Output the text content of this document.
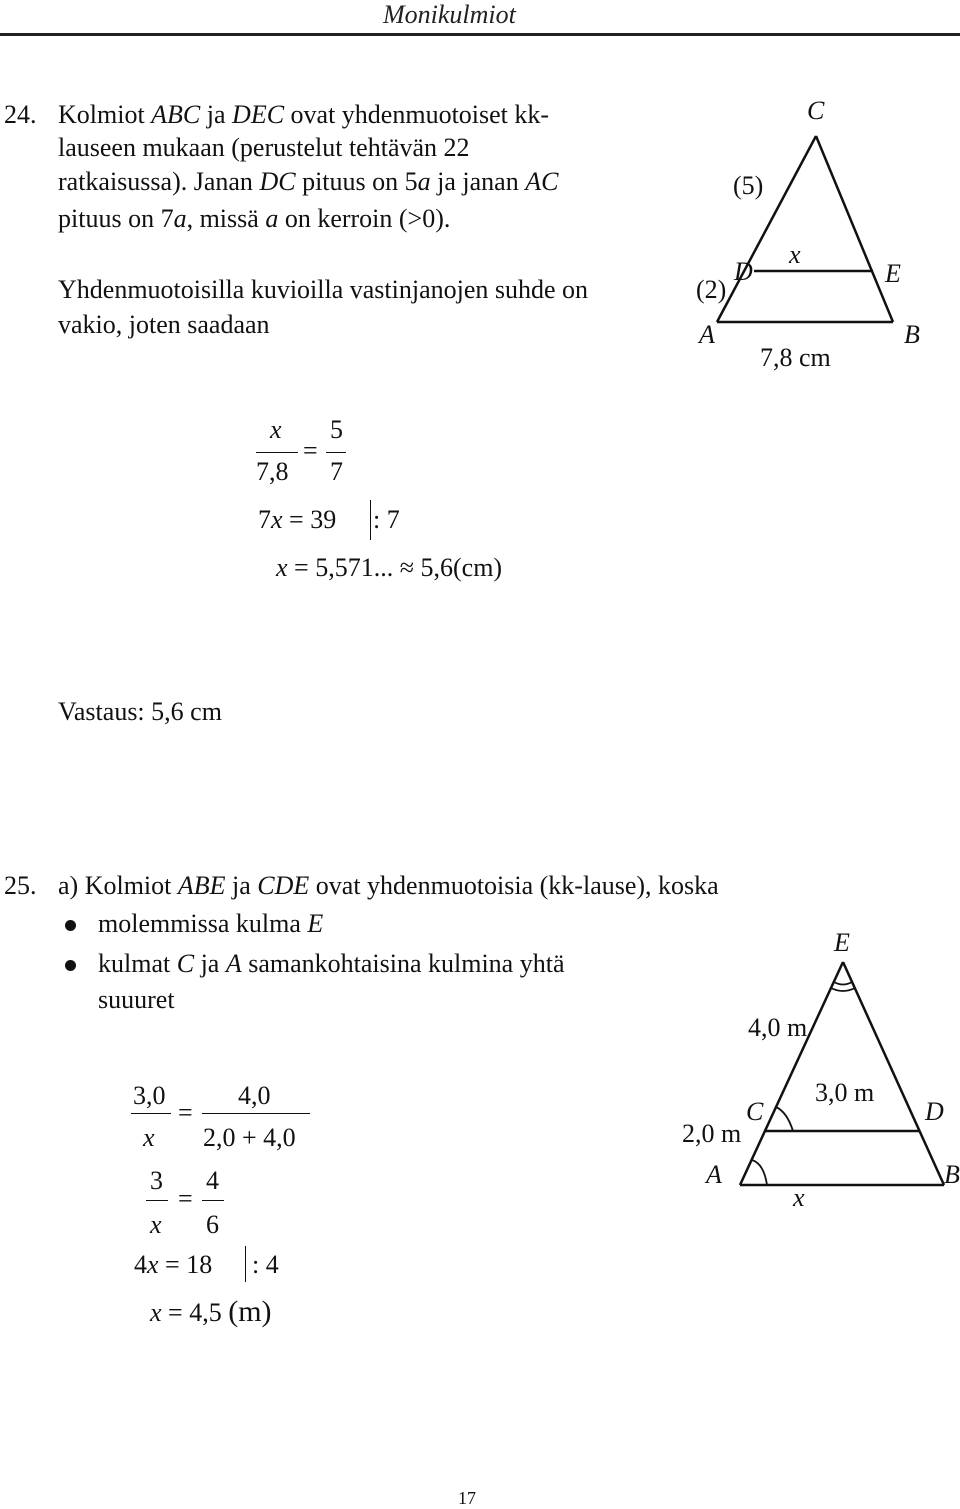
Monikulmiot
24. Kolmiot ABC ja DEC ovat yhdenmuotoiset kk-
lauseen mukaan (perustelut tehtävän 22
ratkaisussa). Janan DC pituus on 5a ja janan AC
pituus on 7a, missä a on kerroin (>0).
Yhdenmuotoisilla kuvioilla vastinjanojen suhde on
vakio, joten saadaan
C
(5)
x
D	E
(2)
A	B
7,8 cm
x
7,8
=
5
7
7x = 39 : 7
x = 5,571... ≈ 5,6(cm)
Vastaus: 5,6 cm
25. a) Kolmiot ABE ja CDE ovat yhdenmuotoisia (kk-lause), koska
molemmissa kulma E
kulmat C ja A samankohtaisina kulmina yhtä
suuuret
E
4,0 m
3,0 m
C	D
2,0 m
A	B
x
3,0
x
=
4,0
2,0 + 4,0
3
x
=
4
6
4x = 18 : 4
x = 4,5 (m)
17
